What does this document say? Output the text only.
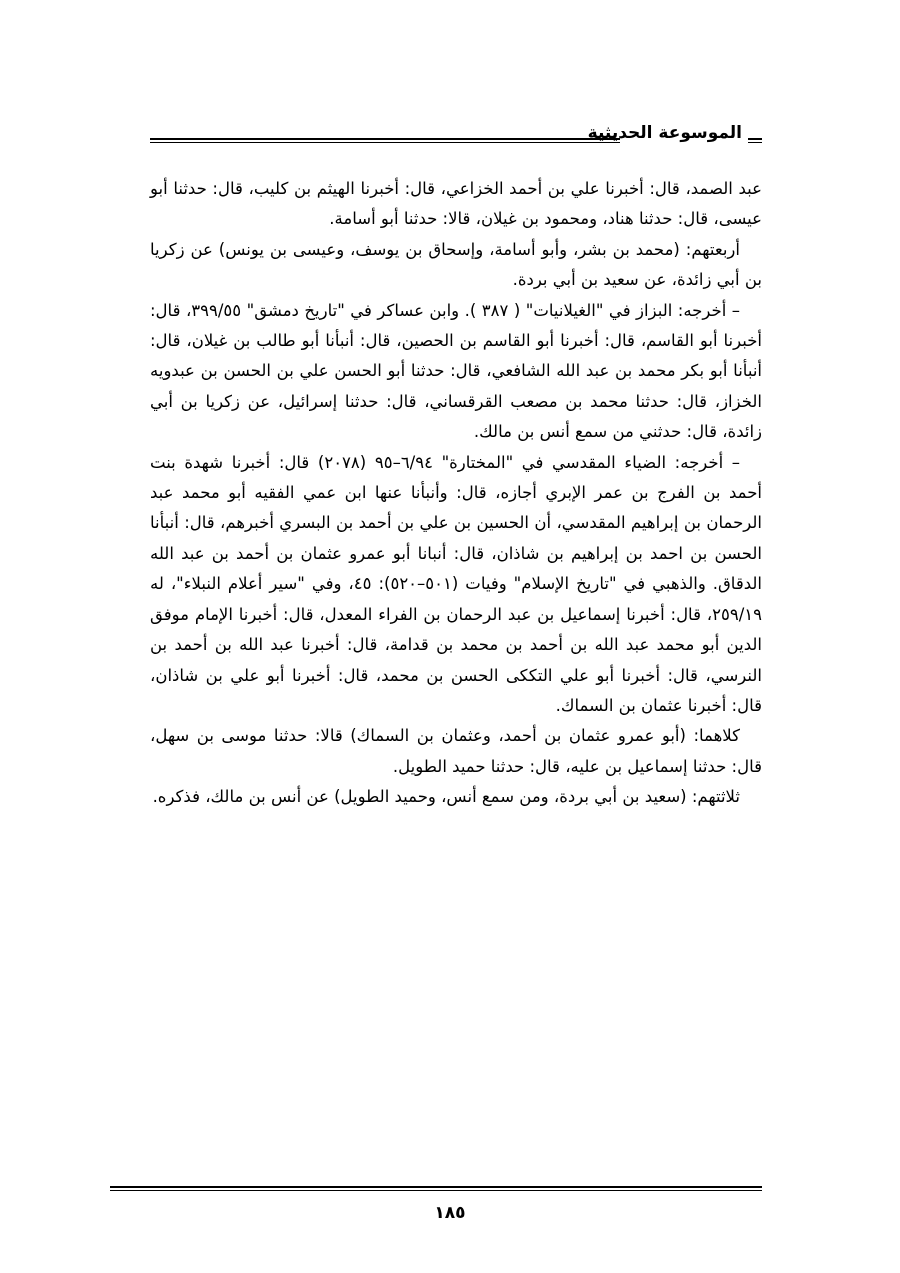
الموسوعة الحديثية

عبد الصمد، قال: أخبرنا علي بن أحمد الخزاعي، قال: أخبرنا الهيثم بن كليب، قال: حدثنا أبو عيسى، قال: حدثنا هناد، ومحمود بن غيلان، قالا: حدثنا أبو أسامة.

أربعتهم: (محمد بن بشر، وأبو أسامة، وإسحاق بن يوسف، وعيسى بن يونس) عن زكريا بن أبي زائدة، عن سعيد بن أبي بردة.

– أخرجه: البزاز في "الغيلانيات" ( ٣٨٧ ). وابن عساكر في "تاريخ دمشق" ٣٩٩/٥٥، قال: أخبرنا أبو القاسم، قال: أخبرنا أبو القاسم بن الحصين، قال: أنبأنا أبو طالب بن غيلان، قال: أنبأنا أبو بكر محمد بن عبد الله الشافعي، قال: حدثنا أبو الحسن علي بن الحسن بن عبدويه الخزاز، قال: حدثنا محمد بن مصعب القرقساني، قال: حدثنا إسرائيل، عن زكريا بن أبي زائدة، قال: حدثني من سمع أنس بن مالك.

– أخرجه: الضياء المقدسي في "المختارة" ٦/٩٤–٩٥ (٢٠٧٨) قال: أخبرنا شهدة بنت أحمد بن الفرج بن عمر الإبري أجازه، قال: وأنبأنا عنها ابن عمي الفقيه أبو محمد عبد الرحمان بن إبراهيم المقدسي، أن الحسين بن علي بن أحمد بن البسري أخبرهم، قال: أنبأنا الحسن بن احمد بن إبراهيم بن شاذان، قال: أنبانا أبو عمرو عثمان بن أحمد بن عبد الله الدقاق. والذهبي في "تاريخ الإسلام" وفيات (٥٠١–٥٢٠): ٤٥، وفي "سير أعلام النبلاء"، له ٢٥٩/١٩، قال: أخبرنا إسماعيل بن عبد الرحمان بن الفراء المعدل، قال: أخبرنا الإمام موفق الدين أبو محمد عبد الله بن أحمد بن محمد بن قدامة، قال: أخبرنا عبد الله بن أحمد بن النرسي، قال: أخبرنا أبو علي التككى الحسن بن محمد، قال: أخبرنا أبو علي بن شاذان، قال: أخبرنا عثمان بن السماك.

كلاهما: (أبو عمرو عثمان بن أحمد، وعثمان بن السماك) قالا: حدثنا موسى بن سهل، قال: حدثنا إسماعيل بن عليه، قال: حدثنا حميد الطويل.

ثلاثتهم: (سعيد بن أبي بردة، ومن سمع أنس، وحميد الطويل) عن أنس بن مالك، فذكره.

١٨٥
